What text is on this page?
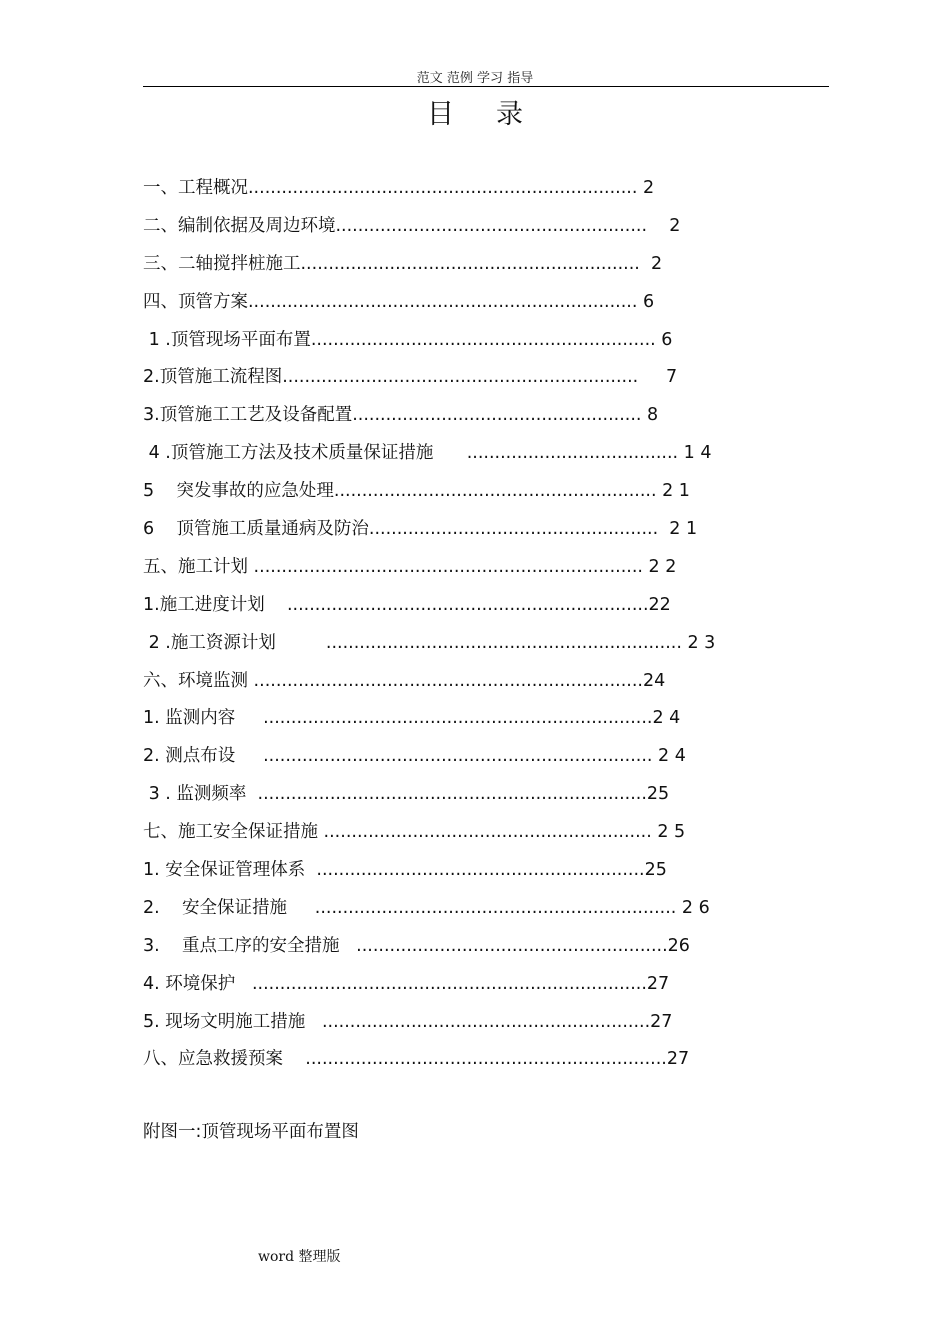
范文 范例 学习 指导
目录
一、工程概况...................................................................... 2
二、编制依据及周边环境........................................................    2
三、二轴搅拌桩施工.............................................................  2
四、顶管方案...................................................................... 6
1 .顶管现场平面布置.............................................................. 6
2.顶管施工流程图................................................................     7
3.顶管施工工艺及设备配置.................................................... 8
4 .顶管施工方法及技术质量保证措施      ...................................... 1 4
5    突发事故的应急处理.......................................................... 2 1
6    顶管施工质量通病及防治....................................................  2 1
五、施工计划 ...................................................................... 2 2
1.施工进度计划    .................................................................22
2 .施工资源计划         ................................................................ 2 3
六、环境监测 ......................................................................24
1. 监测内容     ......................................................................2 4
2. 测点布设     ...................................................................... 2 4
3 . 监测频率  ......................................................................25
七、施工安全保证措施 ........................................................... 2 5
1. 安全保证管理体系  ...........................................................25
2.    安全保证措施     ................................................................. 2 6
3.    重点工序的安全措施   ........................................................26
4. 环境保护   .......................................................................27
5. 现场文明施工措施   ...........................................................27
八、应急救援预案    .................................................................27
附图一:顶管现场平面布置图
word 整理版
